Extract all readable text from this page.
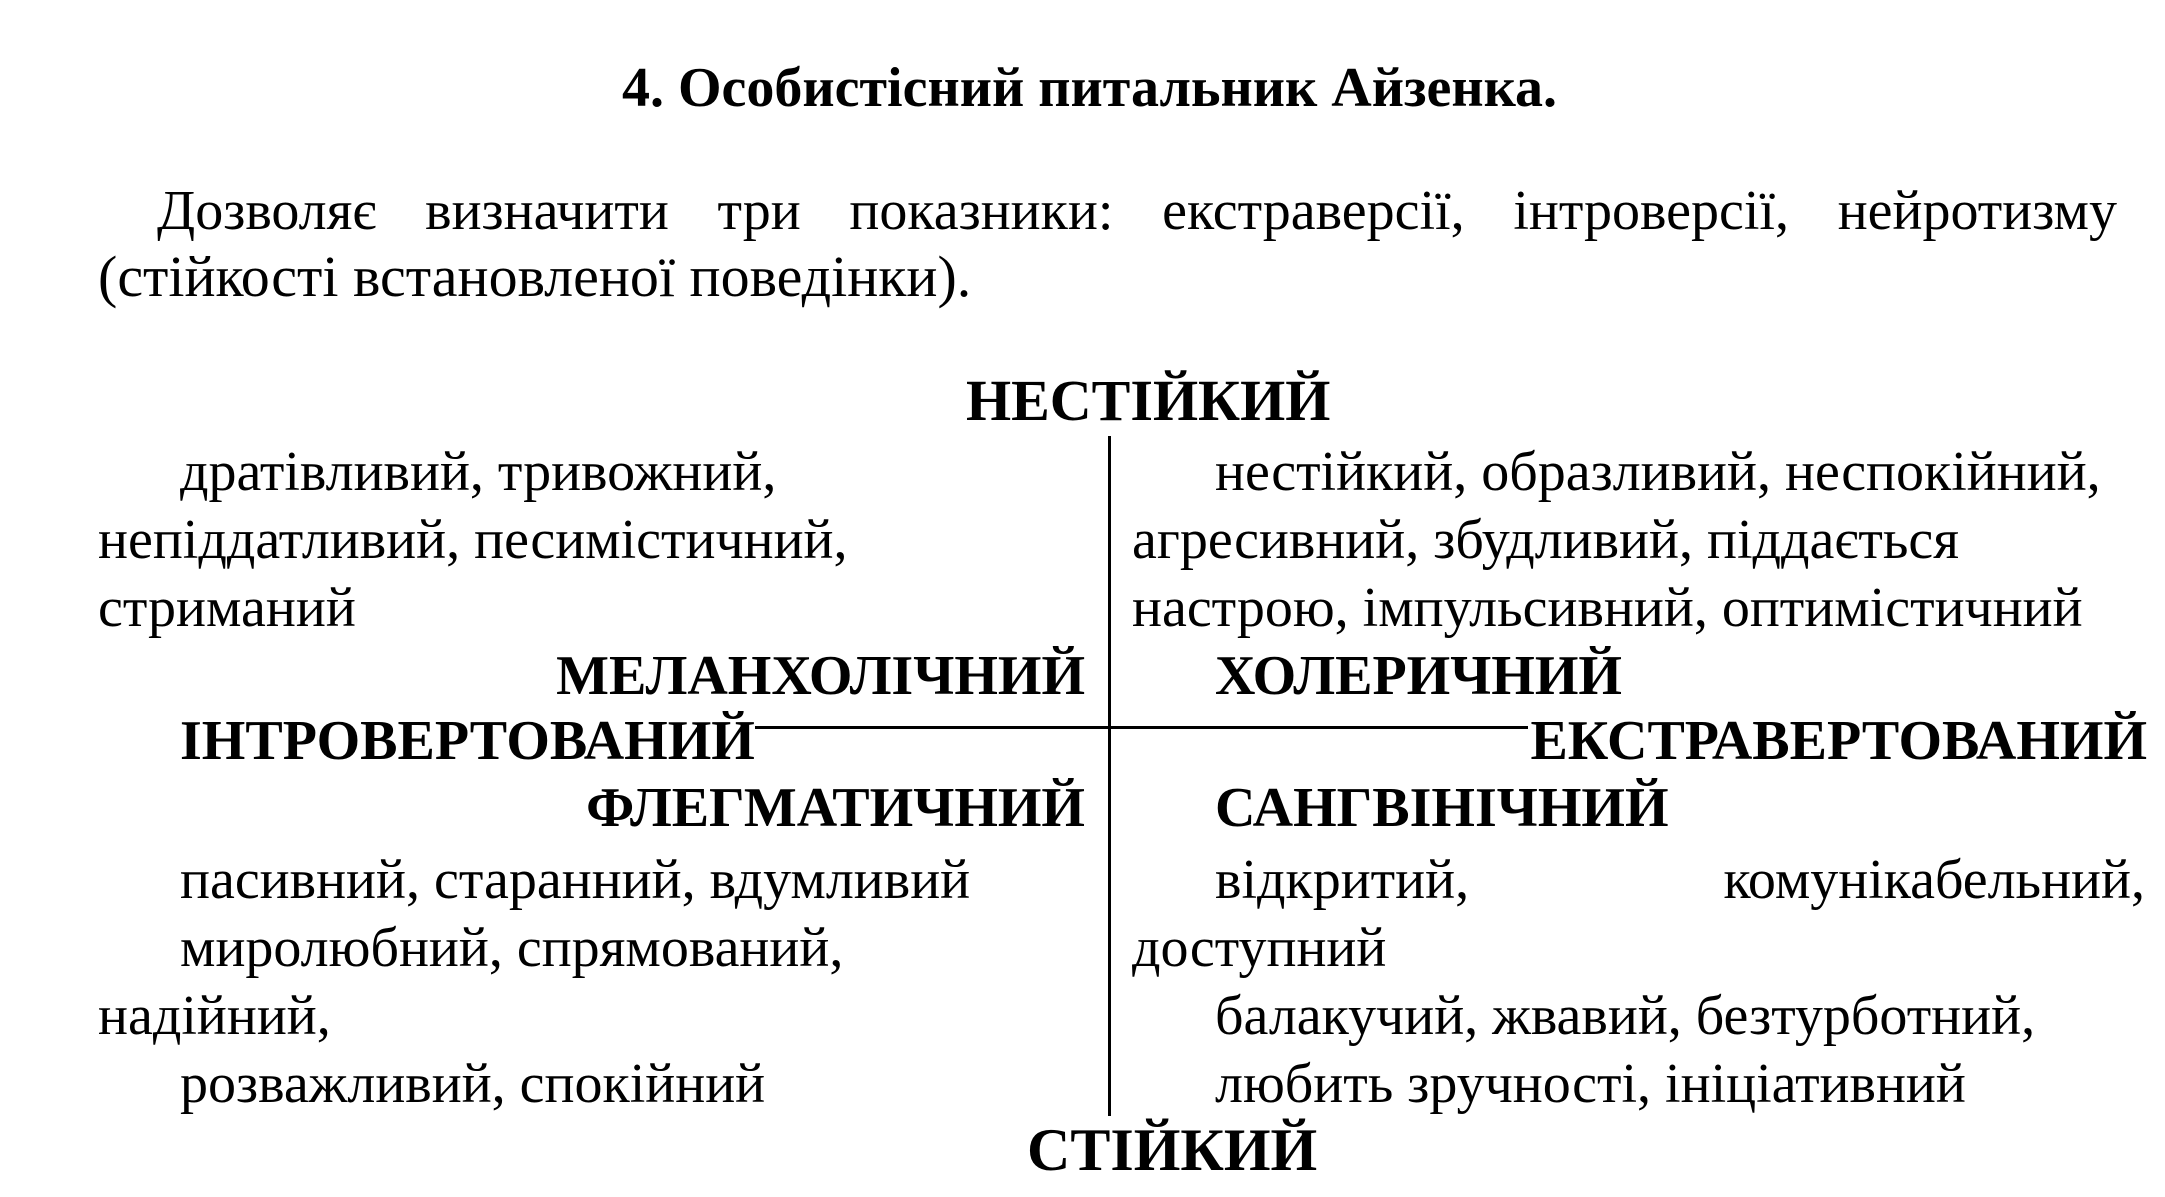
4. Особистісний питальник Айзенка.
Дозволяє визначити три показники: екстраверсії, інтроверсії, нейротизму
(стійкості встановленої поведінки).
НЕСТІЙКИЙ
дратівливий, тривожний,
непіддатливий, песимістичний,
стриманий
МЕЛАНХОЛІЧНИЙ
нестійкий, образливий, неспокійний,
агресивний, збудливий, піддається
настрою, імпульсивний, оптимістичний
ХОЛЕРИЧНИЙ
ІНТРОВЕРТОВАНИЙ	ЕКСТРАВЕРТОВАНИЙ
ФЛЕГМАТИЧНИЙ
пасивний, старанний, вдумливий
миролюбний, спрямований,
надійний,
розважливий, спокійний
САНГВІНІЧНИЙ
відкритий,	комунікабельний,
доступний
балакучий, жвавий, безтурботний,
любить зручності, ініціативний
СТІЙКИЙ
